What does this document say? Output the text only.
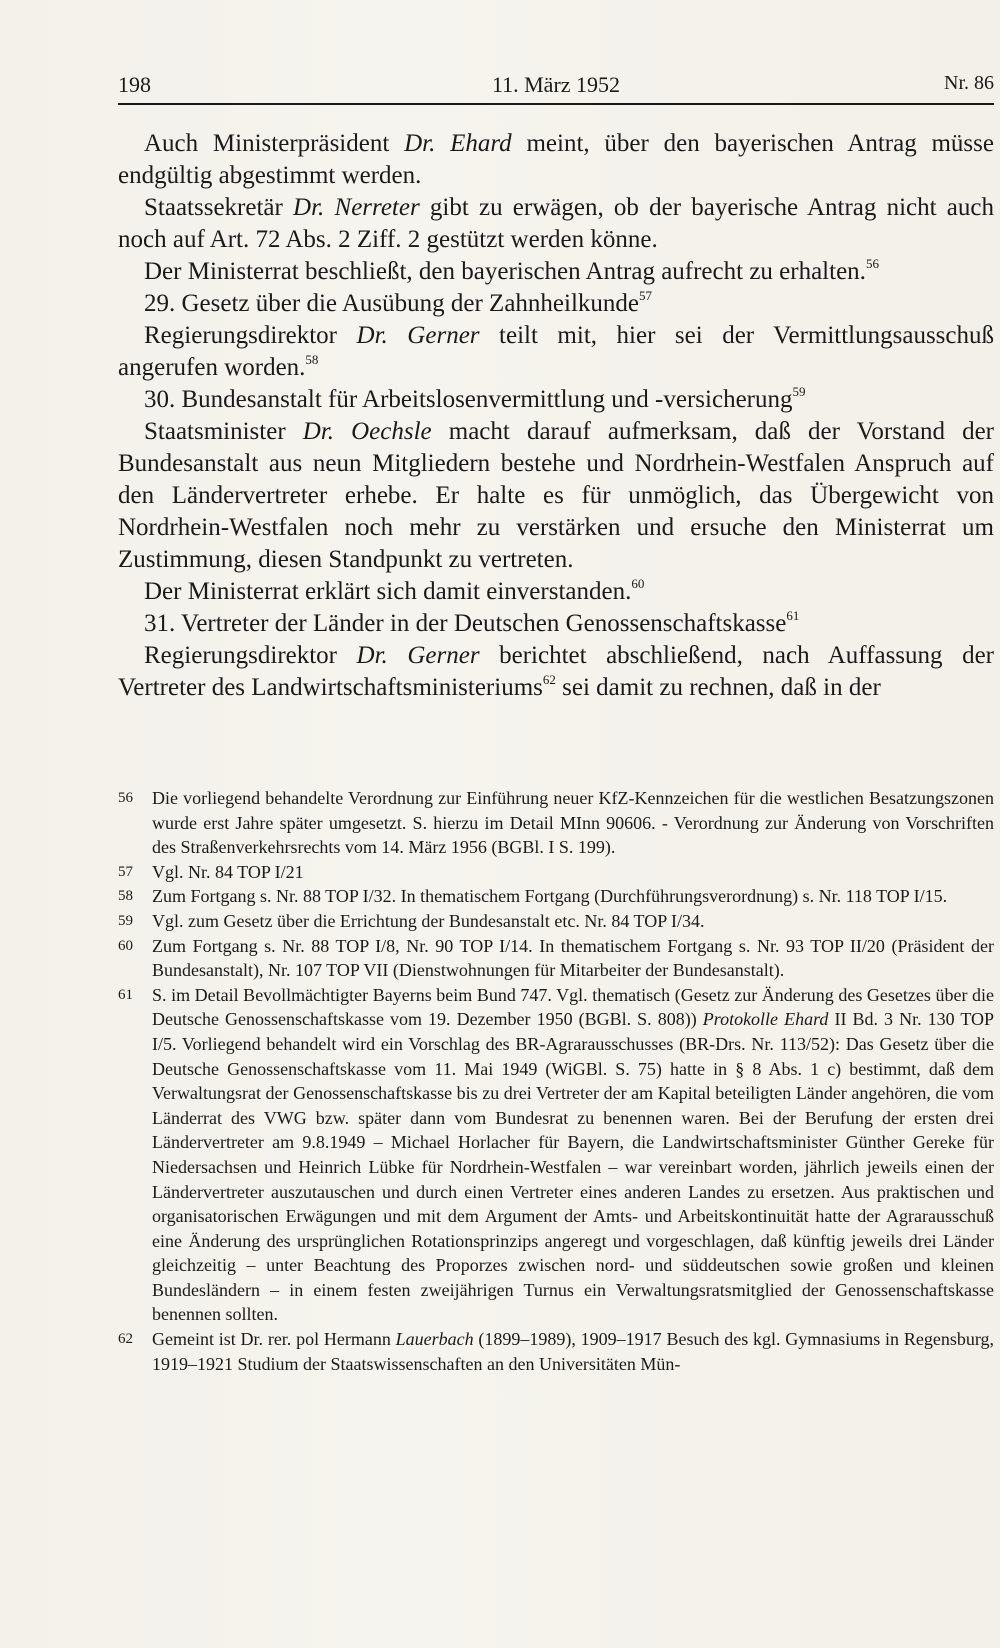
198	11. März 1952	Nr. 86

Auch Ministerpräsident Dr. Ehard meint, über den bayerischen Antrag müsse endgültig abgestimmt werden.

Staatssekretär Dr. Nerreter gibt zu erwägen, ob der bayerische Antrag nicht auch noch auf Art. 72 Abs. 2 Ziff. 2 gestützt werden könne.

Der Ministerrat beschließt, den bayerischen Antrag aufrecht zu erhalten.$^{56}$

29. Gesetz über die Ausübung der Zahnheilkunde$^{57}$

Regierungsdirektor Dr. Gerner teilt mit, hier sei der Vermittlungsausschuß angerufen worden.$^{58}$

30. Bundesanstalt für Arbeitslosenvermittlung und -versicherung$^{59}$

Staatsminister Dr. Oechsle macht darauf aufmerksam, daß der Vorstand der Bundesanstalt aus neun Mitgliedern bestehe und Nordrhein-Westfalen Anspruch auf den Ländervertreter erhebe. Er halte es für unmöglich, das Übergewicht von Nordrhein-Westfalen noch mehr zu verstärken und ersuche den Ministerrat um Zustimmung, diesen Standpunkt zu vertreten.

Der Ministerrat erklärt sich damit einverstanden.$^{60}$

31. Vertreter der Länder in der Deutschen Genossenschaftskasse$^{61}$

Regierungsdirektor Dr. Gerner berichtet abschließend, nach Auffassung der Vertreter des Landwirtschaftsministeriums$^{62}$ sei damit zu rechnen, daß in der

56 Die vorliegend behandelte Verordnung zur Einführung neuer KfZ-Kennzeichen für die westlichen Besatzungszonen wurde erst Jahre später umgesetzt. S. hierzu im Detail MInn 90606. - Verordnung zur Änderung von Vorschriften des Straßenverkehrsrechts vom 14. März 1956 (BGBl. I S. 199).
57 Vgl. Nr. 84 TOP I/21
58 Zum Fortgang s. Nr. 88 TOP I/32. In thematischem Fortgang (Durchführungsverordnung) s. Nr. 118 TOP I/15.
59 Vgl. zum Gesetz über die Errichtung der Bundesanstalt etc. Nr. 84 TOP I/34.
60 Zum Fortgang s. Nr. 88 TOP I/8, Nr. 90 TOP I/14. In thematischem Fortgang s. Nr. 93 TOP II/20 (Präsident der Bundesanstalt), Nr. 107 TOP VII (Dienstwohnungen für Mitarbeiter der Bundesanstalt).
61 S. im Detail Bevollmächtigter Bayerns beim Bund 747. Vgl. thematisch (Gesetz zur Änderung des Gesetzes über die Deutsche Genossenschaftskasse vom 19. Dezember 1950 (BGBl. S. 808)) Protokolle Ehard II Bd. 3 Nr. 130 TOP I/5. Vorliegend behandelt wird ein Vorschlag des BR-Agrarausschusses (BR-Drs. Nr. 113/52): Das Gesetz über die Deutsche Genossenschaftskasse vom 11. Mai 1949 (WiGBl. S. 75) hatte in § 8 Abs. 1 c) bestimmt, daß dem Verwaltungsrat der Genossenschaftskasse bis zu drei Vertreter der am Kapital beteiligten Länder angehören, die vom Länderrat des VWG bzw. später dann vom Bundesrat zu benennen waren. Bei der Berufung der ersten drei Ländervertreter am 9.8.1949 – Michael Horlacher für Bayern, die Landwirtschaftsminister Günther Gereke für Niedersachsen und Heinrich Lübke für Nordrhein-Westfalen – war vereinbart worden, jährlich jeweils einen der Ländervertreter auszutauschen und durch einen Vertreter eines anderen Landes zu ersetzen. Aus praktischen und organisatorischen Erwägungen und mit dem Argument der Amts- und Arbeitskontinuität hatte der Agrarausschuß eine Änderung des ursprünglichen Rotationsprinzips angeregt und vorgeschlagen, daß künftig jeweils drei Länder gleichzeitig – unter Beachtung des Proporzes zwischen nord- und süddeutschen sowie großen und kleinen Bundesländern – in einem festen zweijährigen Turnus ein Verwaltungsratsmitglied der Genossenschaftskasse benennen sollten.
62 Gemeint ist Dr. rer. pol Hermann Lauerbach (1899–1989), 1909–1917 Besuch des kgl. Gymnasiums in Regensburg, 1919–1921 Studium der Staatswissenschaften an den Universitäten Mün-
